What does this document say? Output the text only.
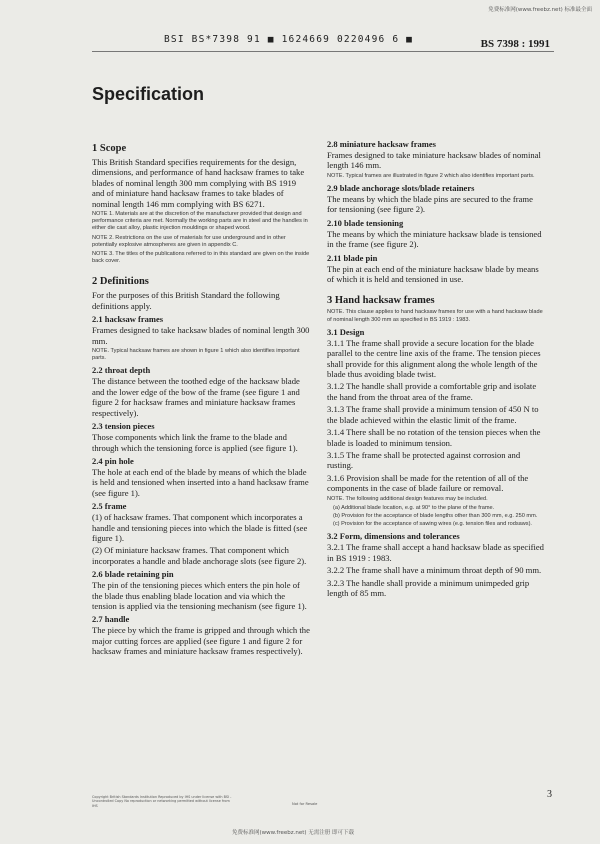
免费标准网(www.freebz.net) 标准最全面
BSI BS*7398 91 ■ 1624669 0220496 6 ■	BS 7398 : 1991
Specification
1 Scope

This British Standard specifies requirements for the design, dimensions, and performance of hand hacksaw frames to take blades of nominal length 300 mm complying with BS 1919 and of miniature hand hacksaw frames to take blades of nominal length 146 mm complying with BS 6271.

NOTE 1. Materials are at the discretion of the manufacturer provided that design and performance criteria are met. Normally the working parts are in steel and the handles in either die cast alloy, plastic injection mouldings or shaped wood.

NOTE 2. Restrictions on the use of materials for use underground and in other potentially explosive atmospheres are given in appendix C.

NOTE 3. The titles of the publications referred to in this standard are given on the inside back cover.

2 Definitions

For the purposes of this British Standard the following definitions apply.

2.1 hacksaw frames

Frames designed to take hacksaw blades of nominal length 300 mm.

NOTE. Typical hacksaw frames are shown in figure 1 which also identifies important parts.

2.2 throat depth

The distance between the toothed edge of the hacksaw blade and the lower edge of the bow of the frame (see figure 1 and figure 2 for hacksaw frames and miniature hacksaw frames respectively).

2.3 tension pieces

Those components which link the frame to the blade and through which the tensioning force is applied (see figure 1).

2.4 pin hole

The hole at each end of the blade by means of which the blade is held and tensioned when inserted into a hand hacksaw frame (see figure 1).

2.5 frame

(1) of hacksaw frames. That component which incorporates a handle and tensioning pieces into which the blade is fitted (see figure 1).

(2) Of miniature hacksaw frames. That component which incorporates a handle and blade anchorage slots (see figure 2).

2.6 blade retaining pin

The pin of the tensioning pieces which enters the pin hole of the blade thus enabling blade location and via which the tension is applied via the tensioning mechanism (see figure 1).

2.7 handle

The piece by which the frame is gripped and through which the major cutting forces are applied (see figure 1 and figure 2 for hacksaw frames and miniature hacksaw frames respectively).

2.8 miniature hacksaw frames

Frames designed to take miniature hacksaw blades of nominal length 146 mm.

NOTE. Typical frames are illustrated in figure 2 which also identifies important parts.

2.9 blade anchorage slots/blade retainers

The means by which the blade pins are secured to the frame for tensioning (see figure 2).

2.10 blade tensioning

The means by which the miniature hacksaw blade is tensioned in the frame (see figure 2).

2.11 blade pin

The pin at each end of the miniature hacksaw blade by means of which it is held and tensioned in use.

3 Hand hacksaw frames

NOTE. This clause applies to hand hacksaw frames for use with a hand hacksaw blade of nominal length 300 mm as specified in BS 1919 : 1983.

3.1 Design

3.1.1 The frame shall provide a secure location for the blade parallel to the centre line axis of the frame. The tension pieces shall provide for this alignment along the whole length of the blade thus avoiding blade twist.

3.1.2 The handle shall provide a comfortable grip and isolate the hand from the throat area of the frame.

3.1.3 The frame shall provide a minimum tension of 450 N to the blade achieved within the elastic limit of the frame.

3.1.4 There shall be no rotation of the tension pieces when the blade is loaded to minimum tension.

3.1.5 The frame shall be protected against corrosion and rusting.

3.1.6 Provision shall be made for the retention of all of the components in the case of blade failure or removal.

NOTE. The following additional design features may be included.

(a) Additional blade location, e.g. at 90° to the plane of the frame.
(b) Provision for the acceptance of blade lengths other than 300 mm, e.g. 250 mm.
(c) Provision for the acceptance of sawing wires (e.g. tension files and rodsaws).
3.2 Form, dimensions and tolerances

3.2.1 The frame shall accept a hand hacksaw blade as specified in BS 1919 : 1983.

3.2.2 The frame shall have a minimum throat depth of 90 mm.

3.2.3 The handle shall provide a minimum unimpeded grip length of 85 mm.

3
Copyright British Standards Institution Reproduced by IHS under license with BSI - Uncontrolled Copy No reproduction or networking permitted without license from IHS	Not for Resale
免费标准网(www.freebz.net) 无需注册 即可下载
